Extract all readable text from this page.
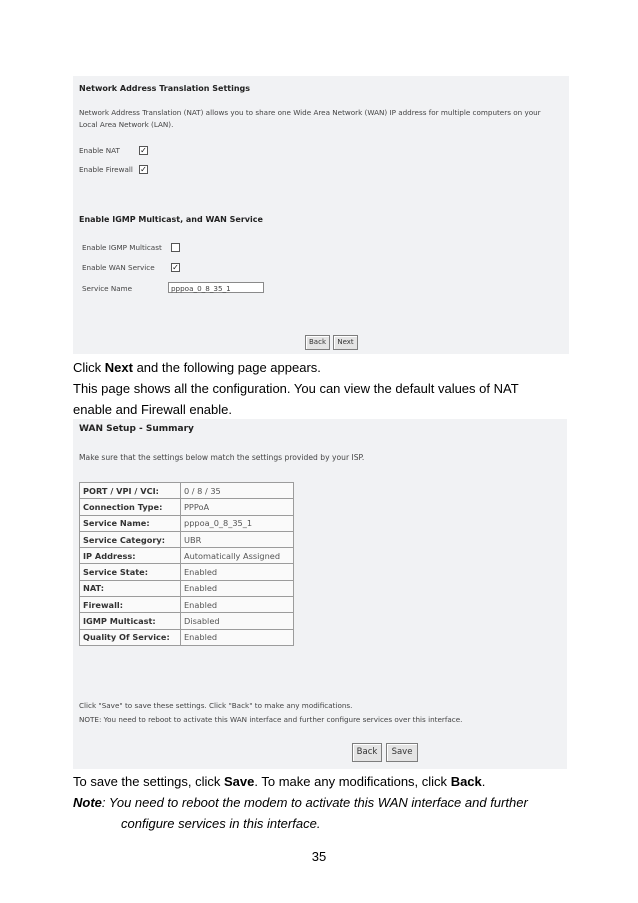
Network Address Translation Settings
Network Address Translation (NAT) allows you to share one Wide Area Network (WAN) IP address for multiple computers on your
Local Area Network (LAN).
Enable NAT	✓
Enable Firewall ✓
Enable IGMP Multicast, and WAN Service
Enable IGMP Multicast
Enable WAN Service ✓
Service Name	pppoa_0_8_35_1
Back	Next
Click Next and the following page appears.
This page shows all the configuration. You can view the default values of NAT
enable and Firewall enable.
WAN Setup - Summary
Make sure that the settings below match the settings provided by your ISP.
PORT / VPI / VCI:	0 / 8 / 35
Connection Type:	PPPoA
Service Name:	pppoa_0_8_35_1
Service Category:	UBR
IP Address:	Automatically Assigned
Service State:	Enabled
NAT:	Enabled
Firewall:	Enabled
IGMP Multicast:	Disabled
Quality Of Service:	Enabled
Click "Save" to save these settings. Click "Back" to make any modifications.
NOTE: You need to reboot to activate this WAN interface and further configure services over this interface.
Back	Save
To save the settings, click Save. To make any modifications, click Back.
Note: You need to reboot the modem to activate this WAN interface and further
configure services in this interface.
35
